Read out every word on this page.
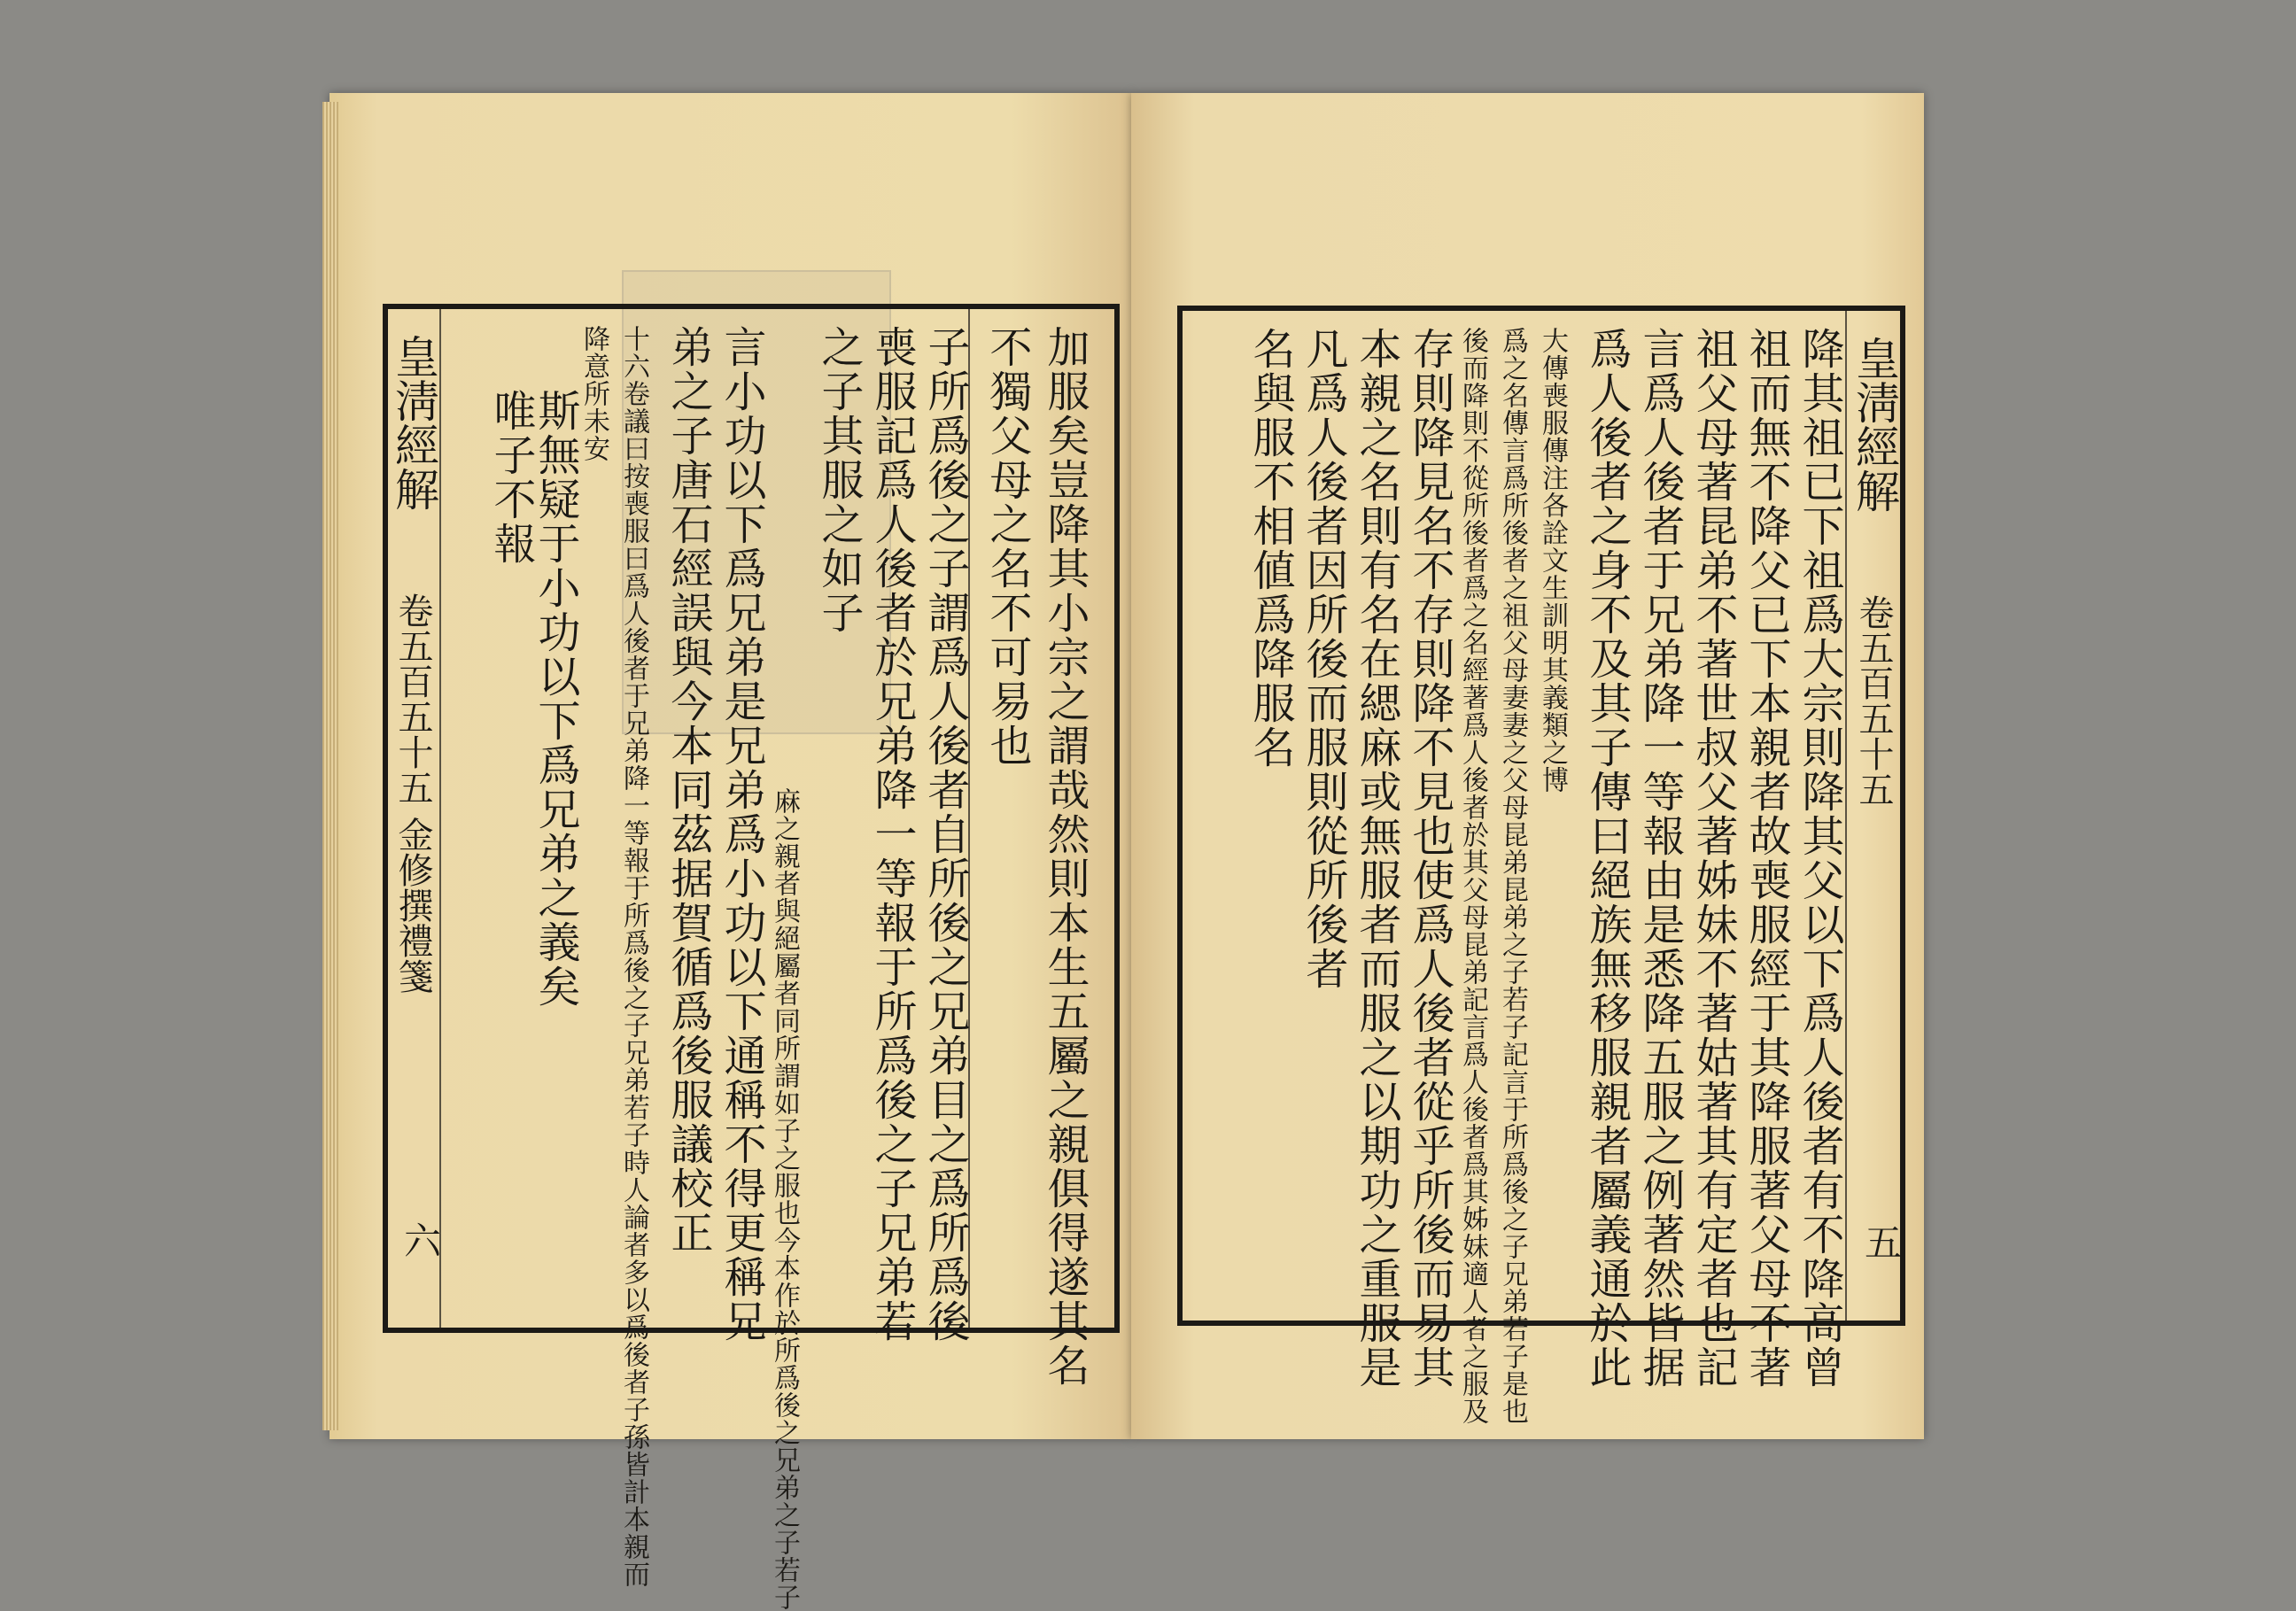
加服矣豈降其小宗之謂哉然則本生五屬之親俱得遂其名
不獨父母之名不可易也
子所爲後之子謂爲人後者自所後之兄弟目之爲所爲後
喪服記爲人後者於兄弟降一等報于所爲後之子兄弟若
之子其服之如子
麻之親者與絕屬者同所謂如子之服也今本作於所爲後之兄弟之子若子
言小功以下爲兄弟是兄弟爲小功以下通稱不得更稱兄
弟之子唐石經誤與今本同茲据賀循爲後服議校正
十六卷議曰按喪服曰爲人後者于兄弟降一等報于所爲後之子兄弟若子時人論者多以爲後者子孫皆計本親而
降意所未安
斯無疑于小功以下爲兄弟之義矣
唯子不報
皇淸經解
卷五百五十五 金修撰禮箋
六
皇淸經解
卷五百五十五
五
降其祖已下祖爲大宗則降其父以下爲人後者有不降高曾
祖而無不降父已下本親者故喪服經于其降服著父母不著
祖父母著昆弟不著世叔父著姊妹不著姑著其有定者也記
言爲人後者于兄弟降一等報由是悉降五服之例著然皆据
爲人後者之身不及其子傳曰絕族無移服親者屬義通於此
大傳喪服傳注各詮文生訓明其義類之博
爲之名傳言爲所後者之祖父母妻妻之父母昆弟昆弟之子若子記言于所爲後之子兄弟若子是也
後而降則不從所後者爲之名經著爲人後者於其父母昆弟記言爲人後者爲其姊妹適人者之服及
存則降見名不存則降不見也使爲人後者從乎所後而易其
本親之名則有名在緦麻或無服者而服之以期功之重服是
凡爲人後者因所後而服則從所後者
名與服不相値爲降服名
